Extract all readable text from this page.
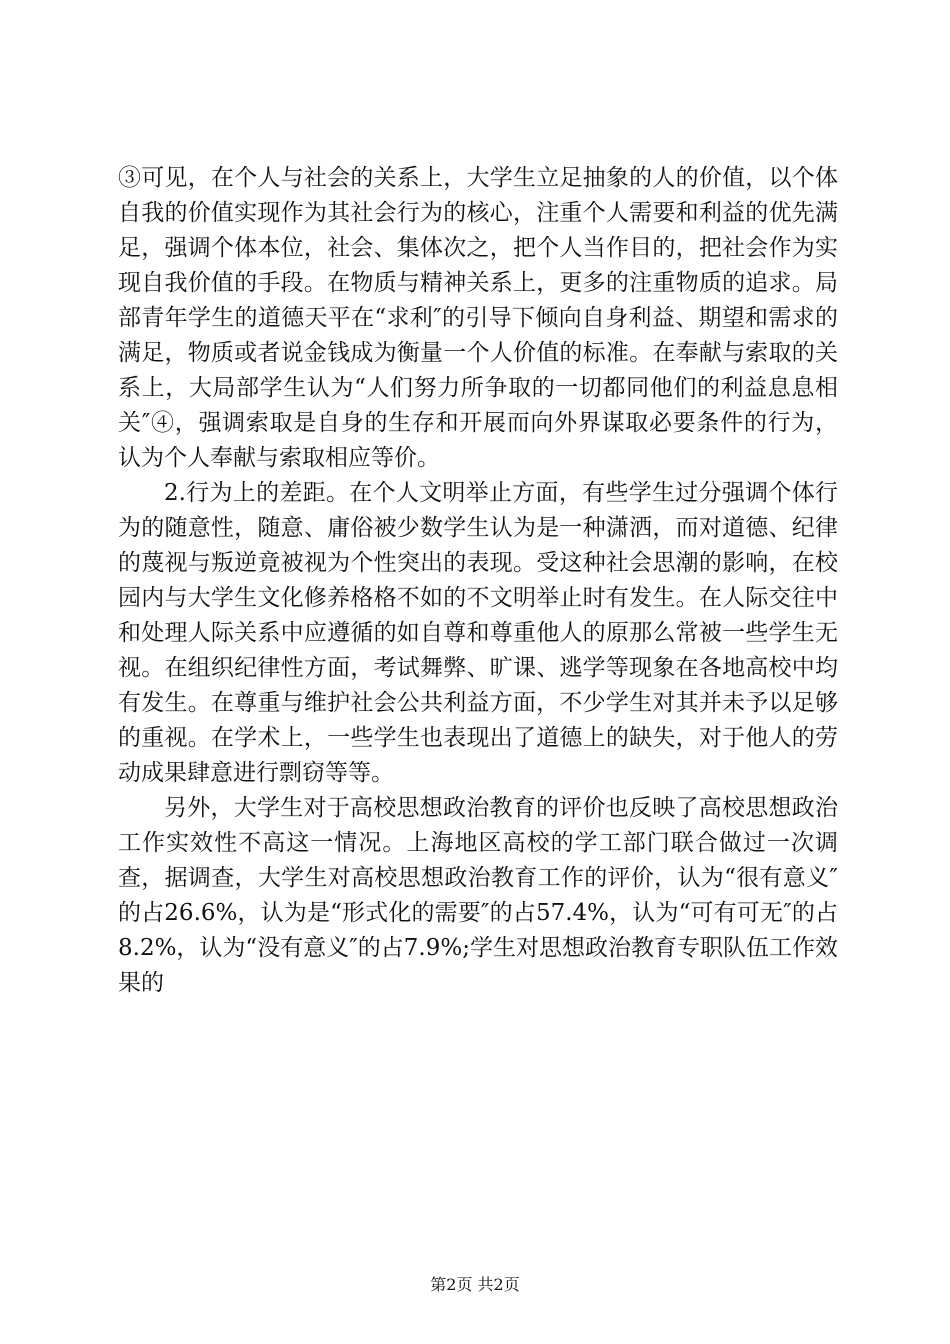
③可见，在个人与社会的关系上，大学生立足抽象的人的价值，以个体自我的价值实现作为其社会行为的核心，注重个人需要和利益的优先满足，强调个体本位，社会、集体次之，把个人当作目的，把社会作为实现自我价值的手段。在物质与精神关系上，更多的注重物质的追求。局部青年学生的道德天平在“求利″的引导下倾向自身利益、期望和需求的满足，物质或者说金钱成为衡量一个人价值的标准。在奉献与索取的关系上，大局部学生认为“人们努力所争取的一切都同他们的利益息息相关″④，强调索取是自身的生存和开展而向外界谋取必要条件的行为，认为个人奉献与索取相应等价。

2.行为上的差距。在个人文明举止方面，有些学生过分强调个体行为的随意性，随意、庸俗被少数学生认为是一种潇洒，而对道德、纪律的蔑视与叛逆竟被视为个性突出的表现。受这种社会思潮的影响，在校园内与大学生文化修养格格不如的不文明举止时有发生。在人际交往中和处理人际关系中应遵循的如自尊和尊重他人的原那么常被一些学生无视。在组织纪律性方面，考试舞弊、旷课、逃学等现象在各地高校中均有发生。在尊重与维护社会公共利益方面，不少学生对其并未予以足够的重视。在学术上，一些学生也表现出了道德上的缺失，对于他人的劳动成果肆意进行剽窃等等。

另外，大学生对于高校思想政治教育的评价也反映了高校思想政治工作实效性不高这一情况。上海地区高校的学工部门联合做过一次调查，据调查，大学生对高校思想政治教育工作的评价，认为“很有意义″的占26.6%，认为是“形式化的需要″的占57.4%，认为“可有可无″的占8.2%，认为“没有意义″的占7.9%;学生对思想政治教育专职队伍工作效果的

第2页 共2页
